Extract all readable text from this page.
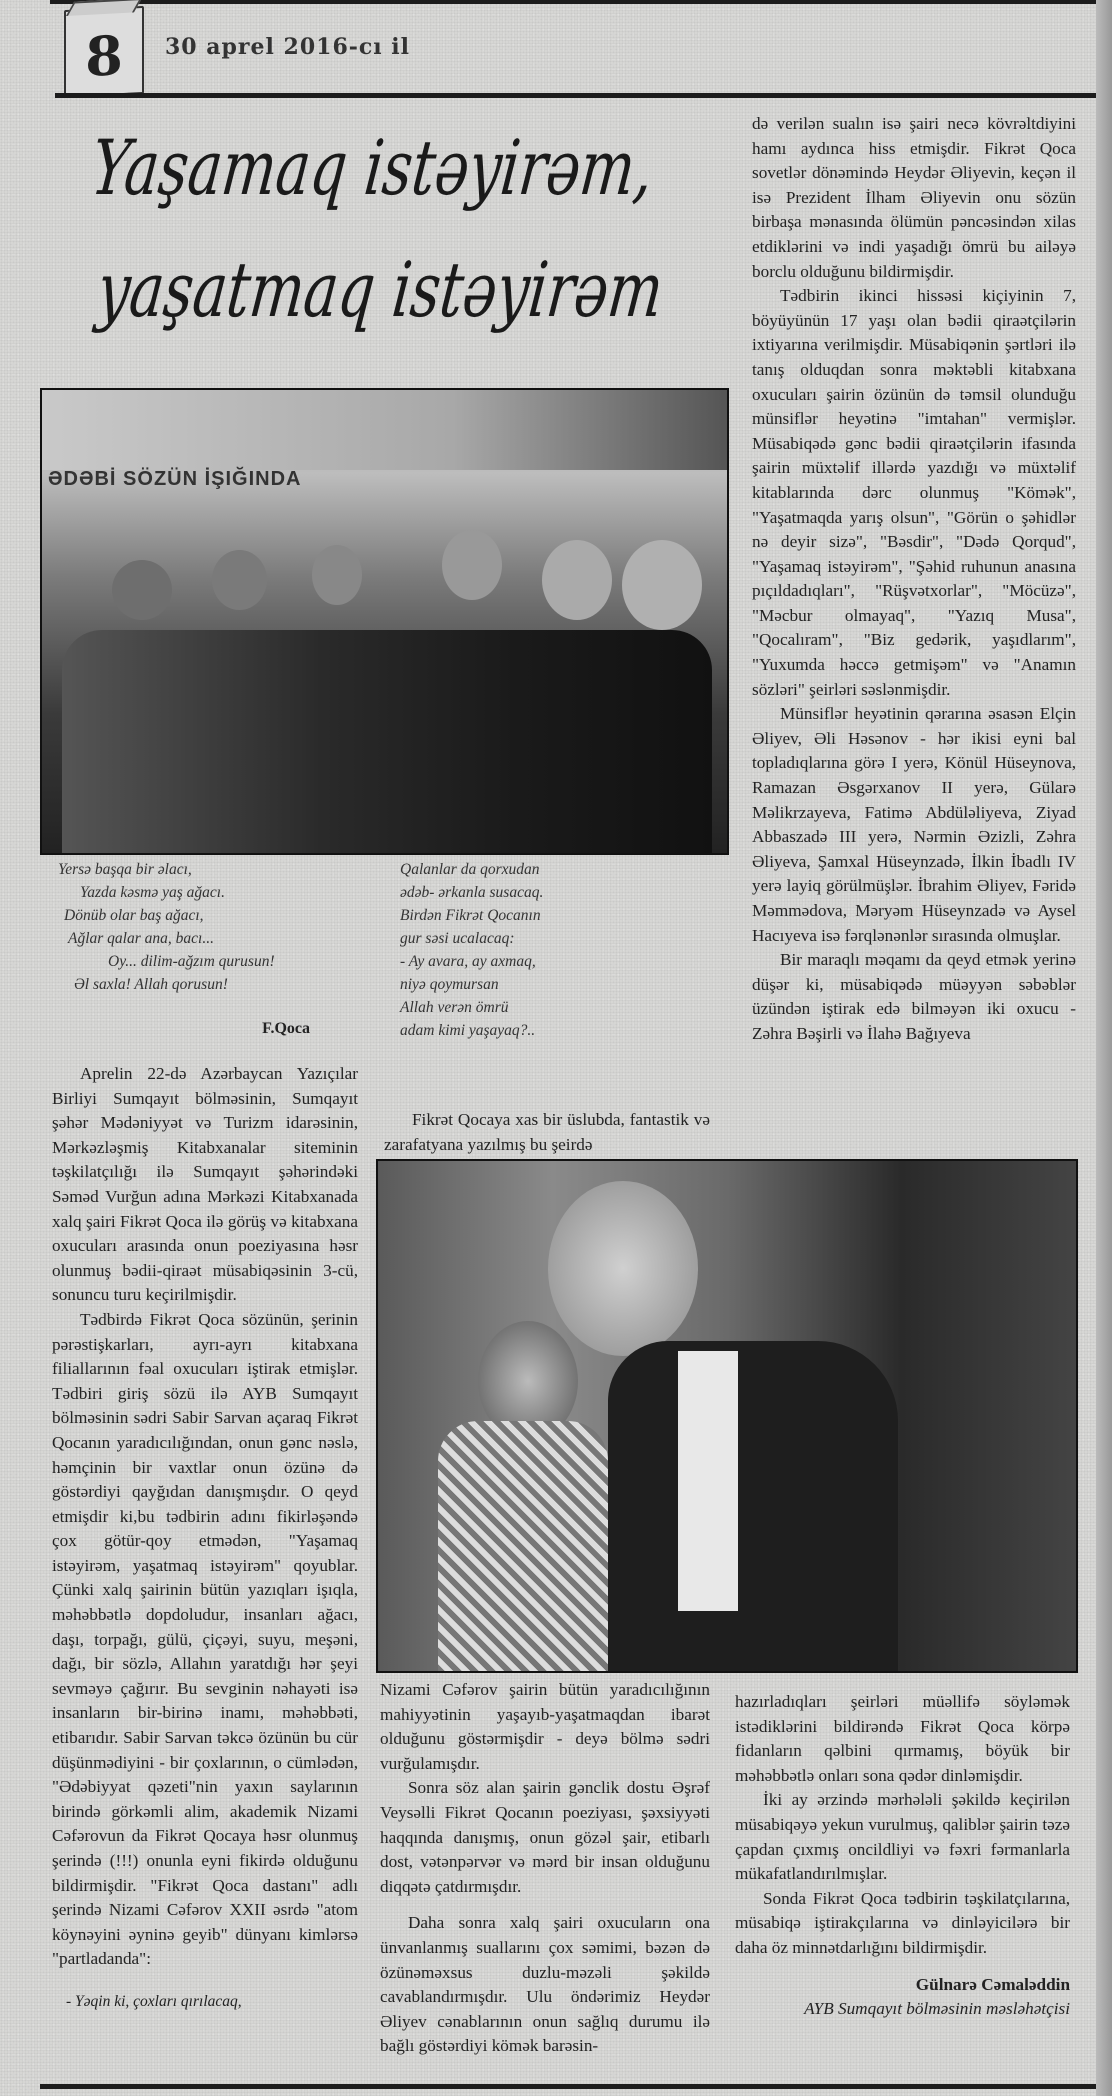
8	30 aprel 2016-cı il
Yaşamaq istəyirəm,
yaşatmaq istəyirəm
ƏDƏBİ SÖZÜN İŞIĞINDA
Yersə başqa bir əlacı,
Yazda kəsmə yaş ağacı.
Dönüb olar baş ağacı,
Ağlar qalar ana, bacı...
Oy... dilim-ağzım qurusun!
Əl saxla! Allah qorusun!
F.Qoca
Qalanlar da qorxudan
ədəb- ərkanla susacaq.
Birdən Fikrət Qocanın
gur səsi ucalacaq:
- Ay avara, ay axmaq,
niyə qoymursan
Allah verən ömrü
adam kimi yaşayaq?..

Aprelin 22-də Azərbaycan Yazıçılar Birliyi Sumqayıt bölməsinin, Sumqayıt şəhər Mədəniyyət və Turizm idarəsinin, Mərkəzləşmiş Kitabxanalar siteminin təşkilatçılığı ilə Sumqayıt şəhərindəki Səməd Vurğun adına Mərkəzi Kitabxanada xalq şairi Fikrət Qoca ilə görüş və kitabxana oxucuları arasında onun poeziyasına həsr olunmuş bədii-qiraət müsabiqəsinin 3-cü, sonuncu turu keçirilmişdir.

Tədbirdə Fikrət Qoca sözünün, şerinin pərəstişkarları, ayrı-ayrı kitabxana filiallarının fəal oxucuları iştirak etmişlər. Tədbiri giriş sözü ilə AYB Sumqayıt bölməsinin sədri Sabir Sarvan açaraq Fikrət Qocanın yaradıcılığından, onun gənc nəslə, həmçinin bir vaxtlar onun özünə də göstərdiyi qayğıdan danışmışdır. O qeyd etmişdir ki,bu tədbirin adını fikirləşəndə çox götür-qoy etmədən, "Yaşamaq istəyirəm, yaşatmaq istəyirəm" qoyublar. Çünki xalq şairinin bütün yazıqları işıqla, məhəbbətlə dopdoludur, insanları ağacı, daşı, torpağı, gülü, çiçəyi, suyu, meşəni, dağı, bir sözlə, Allahın yaratdığı hər şeyi sevməyə çağırır. Bu sevginin nəhayəti isə insanların bir-birinə inamı, məhəbbəti, etibarıdır. Sabir Sarvan təkcə özünün bu cür düşünmədiyini - bir çoxlarının, o cümlədən, "Ədəbiyyat qəzeti"nin yaxın saylarının birində görkəmli alim, akademik Nizami Cəfərovun da Fikrət Qocaya həsr olunmuş şerində (!!!) onunla eyni fikirdə olduğunu bildirmişdir. "Fikrət Qoca dastanı" adlı şerində Nizami Cəfərov XXII əsrdə "atom köynəyini əyninə geyib" dünyanı kimlərsə "partladanda":

- Yəqin ki, çoxları qırılacaq,

Fikrət Qocaya xas bir üslubda, fantastik və zarafatyana yazılmış bu şeirdə

Nizami Cəfərov şairin bütün yaradıcılığının mahiyyətinin yaşayıb-yaşatmaqdan ibarət olduğunu göstərmişdir - deyə bölmə sədri vurğulamışdır.

Sonra söz alan şairin gənclik dostu Əşrəf Veysəlli Fikrət Qocanın poeziyası, şəxsiyyəti haqqında danışmış, onun gözəl şair, etibarlı dost, vətənpərvər və mərd bir insan olduğunu diqqətə çatdırmışdır.

Daha sonra xalq şairi oxucuların ona ünvanlanmış suallarını çox səmimi, bəzən də özünəməxsus duzlu-məzəli şəkildə cavablandırmışdır. Ulu öndərimiz Heydər Əliyev cənablarının onun sağlıq durumu ilə bağlı göstərdiyi kömək barəsin-

də verilən sualın isə şairi necə kövrəltdiyini hamı aydınca hiss etmişdir. Fikrət Qoca sovetlər dönəmində Heydər Əliyevin, keçən il isə Prezident İlham Əliyevin onu sözün birbaşa mənasında ölümün pəncəsindən xilas etdiklərini və indi yaşadığı ömrü bu ailəyə borclu olduğunu bildirmişdir.

Tədbirin ikinci hissəsi kiçiyinin 7, böyüyünün 17 yaşı olan bədii qiraətçilərin ixtiyarına verilmişdir. Müsabiqənin şərtləri ilə tanış olduqdan sonra məktəbli kitabxana oxucuları şairin özünün də təmsil olunduğu münsiflər heyətinə "imtahan" vermişlər. Müsabiqədə gənc bədii qiraətçilərin ifasında şairin müxtəlif illərdə yazdığı və müxtəlif kitablarında dərc olunmuş "Kömək", "Yaşatmaqda yarış olsun", "Görün o şəhidlər nə deyir sizə", "Bəsdir", "Dədə Qorqud", "Yaşamaq istəyirəm", "Şəhid ruhunun anasına pıçıldadıqları", "Rüşvətxorlar", "Möcüzə", "Məcbur olmayaq", "Yazıq Musa", "Qocalıram", "Biz gedərik, yaşıdlarım", "Yuxumda həccə getmişəm" və "Anamın sözləri" şeirləri səslənmişdir.

Münsiflər heyətinin qərarına əsasən Elçin Əliyev, Əli Həsənov - hər ikisi eyni bal topladıqlarına görə I yerə, Könül Hüseynova, Ramazan Əsgərxanov II yerə, Gülarə Məlikrzayeva, Fatimə Abdüləliyeva, Ziyad Abbaszadə III yerə, Nərmin Əzizli, Zəhra Əliyeva, Şamxal Hüseynzadə, İlkin İbadlı IV yerə layiq görülmüşlər. İbrahim Əliyev, Fəridə Məmmədova, Məryəm Hüseynzadə və Aysel Hacıyeva isə fərqlənənlər sırasında olmuşlar.

Bir maraqlı məqamı da qeyd etmək yerinə düşər ki, müsabiqədə müəyyən səbəblər üzündən iştirak edə bilməyən iki oxucu - Zəhra Bəşirli və İlahə Bağıyeva

hazırladıqları şeirləri müəllifə söyləmək istədiklərini bildirəndə Fikrət Qoca körpə fidanların qəlbini qırmamış, böyük bir məhəbbətlə onları sona qədər dinləmişdir.

İki ay ərzində mərhələli şəkildə keçirilən müsabiqəyə yekun vurulmuş, qaliblər şairin təzə çapdan çıxmış oncildliyi və fəxri fərmanlarla mükafatlandırılmışlar.

Sonda Fikrət Qoca tədbirin təşkilatçılarına, müsabiqə iştirakçılarına və dinləyicilərə bir daha öz minnətdarlığını bildirmişdir.

Gülnarə Cəmaləddin
AYB Sumqayıt bölməsinin məsləhətçisi
